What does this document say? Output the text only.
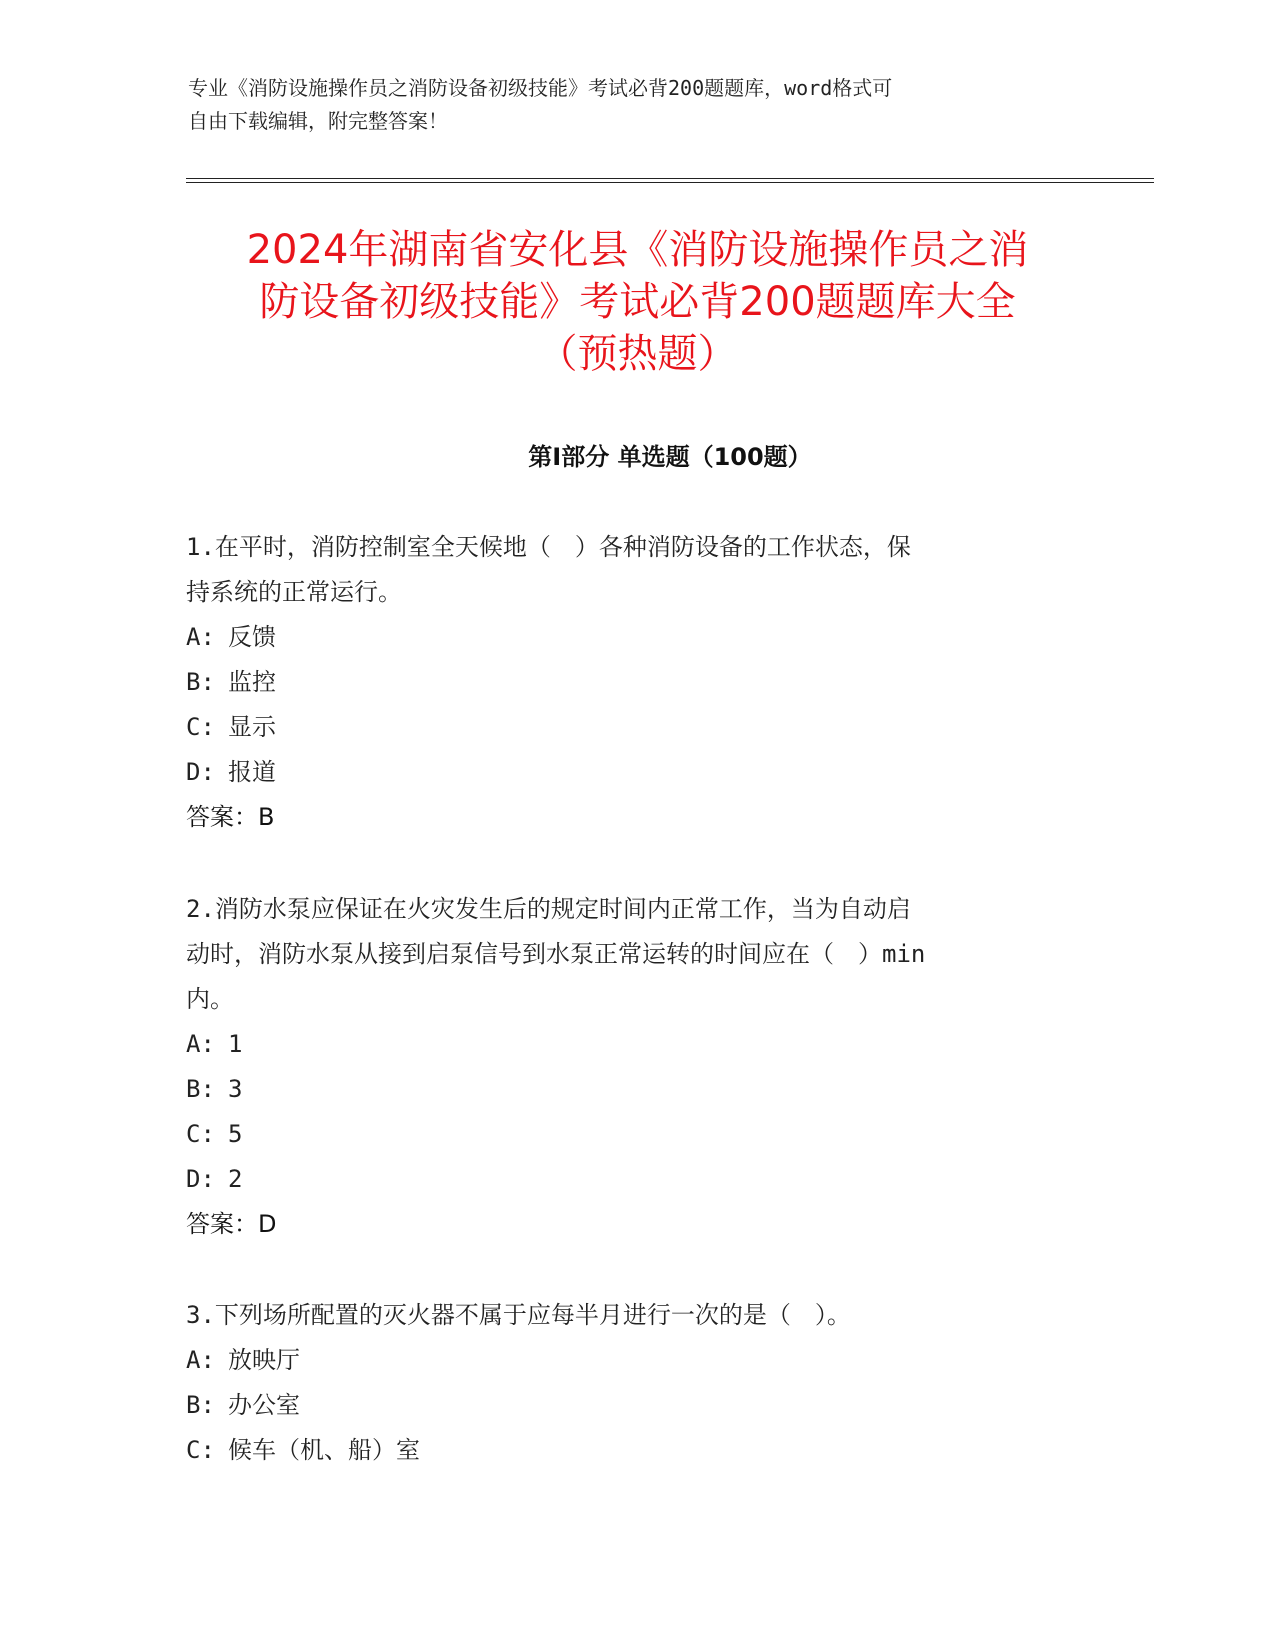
专业《消防设施操作员之消防设备初级技能》考试必背200题题库，word格式可
自由下载编辑，附完整答案！
2024年湖南省安化县《消防设施操作员之消
防设备初级技能》考试必背200题题库大全
（预热题）
第Ⅰ部分 单选题（100题）
1.在平时，消防控制室全天候地（　）各种消防设备的工作状态，保
持系统的正常运行。
A: 反馈
B: 监控
C: 显示
D: 报道
答案：B
2.消防水泵应保证在火灾发生后的规定时间内正常工作，当为自动启
动时，消防水泵从接到启泵信号到水泵正常运转的时间应在（　）min
内。
A: 1
B: 3
C: 5
D: 2
答案：D
3.下列场所配置的灭火器不属于应每半月进行一次的是（　）。
A: 放映厅
B: 办公室
C: 候车（机、船）室
